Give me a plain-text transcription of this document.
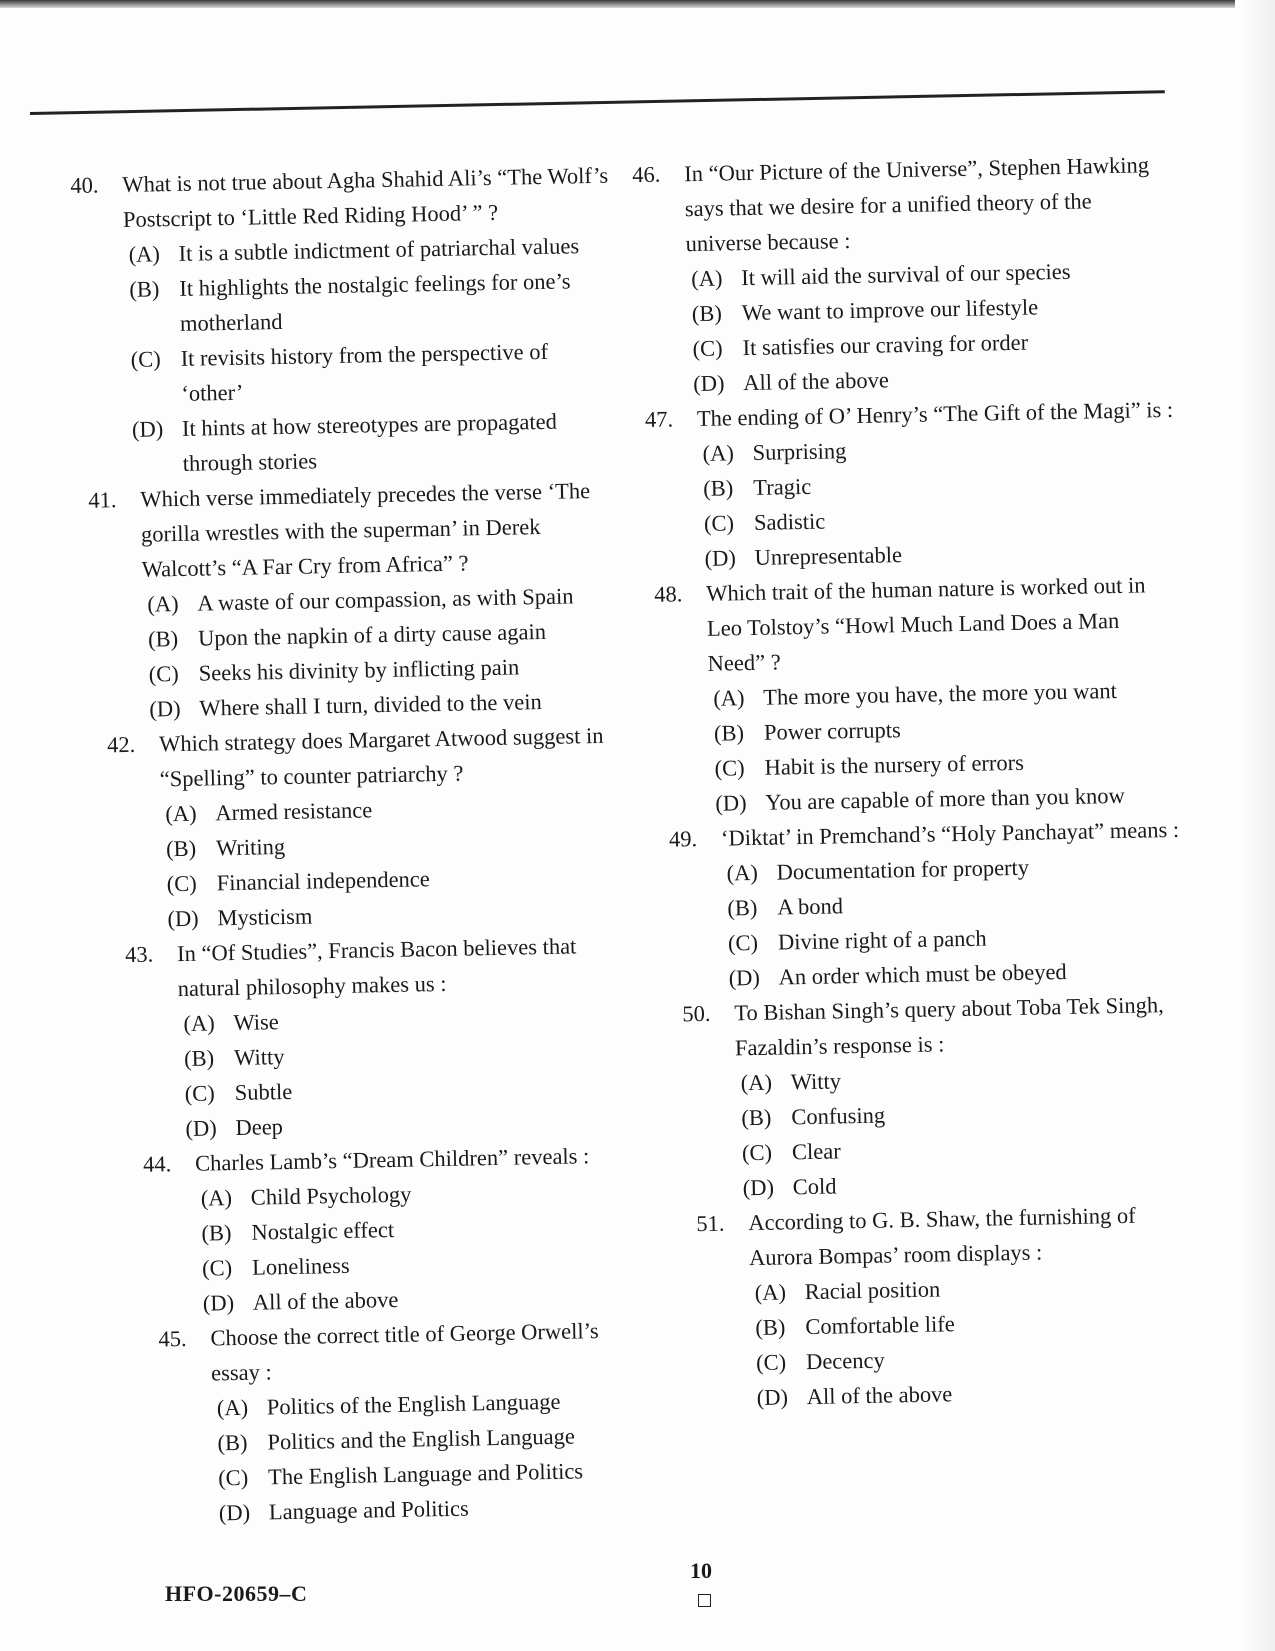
40.	What is not true about Agha Shahid Ali’s “The Wolf’s Postscript to ‘Little Red Riding Hood’ ” ?

(A) It is a subtle indictment of patriarchal values
(B) It highlights the nostalgic feelings for one’s motherland
(C) It revisits history from the perspective of ‘other’
(D) It hints at how stereotypes are propagated through stories
41.	Which verse immediately precedes the verse ‘The gorilla wrestles with the superman’ in Derek Walcott’s “A Far Cry from Africa” ?

(A) A waste of our compassion, as with Spain
(B) Upon the napkin of a dirty cause again
(C) Seeks his divinity by inflicting pain
(D) Where shall I turn, divided to the vein
42.	Which strategy does Margaret Atwood suggest in “Spelling” to counter patriarchy ?

(A) Armed resistance
(B) Writing
(C) Financial independence
(D) Mysticism
43.	In “Of Studies”, Francis Bacon believes that natural philosophy makes us :

(A) Wise
(B) Witty
(C) Subtle
(D) Deep
44.	Charles Lamb’s “Dream Children” reveals :

(A) Child Psychology
(B) Nostalgic effect
(C) Loneliness
(D) All of the above
45.	Choose the correct title of George Orwell’s essay :

(A) Politics of the English Language
(B) Politics and the English Language
(C) The English Language and Politics
(D) Language and Politics
46.	In “Our Picture of the Universe”, Stephen Hawking says that we desire for a unified theory of the universe because :

(A) It will aid the survival of our species
(B) We want to improve our lifestyle
(C) It satisfies our craving for order
(D) All of the above
47.	The ending of O’ Henry’s “The Gift of the Magi” is :

(A) Surprising
(B) Tragic
(C) Sadistic
(D) Unrepresentable
48.	Which trait of the human nature is worked out in Leo Tolstoy’s “Howl Much Land Does a Man Need” ?

(A) The more you have, the more you want
(B) Power corrupts
(C) Habit is the nursery of errors
(D) You are capable of more than you know
49.	‘Diktat’ in Premchand’s “Holy Panchayat” means :

(A) Documentation for property
(B) A bond
(C) Divine right of a panch
(D) An order which must be obeyed
50.	To Bishan Singh’s query about Toba Tek Singh, Fazaldin’s response is :

(A) Witty
(B) Confusing
(C) Clear
(D) Cold
51.	According to G. B. Shaw, the furnishing of Aurora Bompas’ room displays :

(A) Racial position
(B) Comfortable life
(C) Decency
(D) All of the above
10
HFO-20659–C
